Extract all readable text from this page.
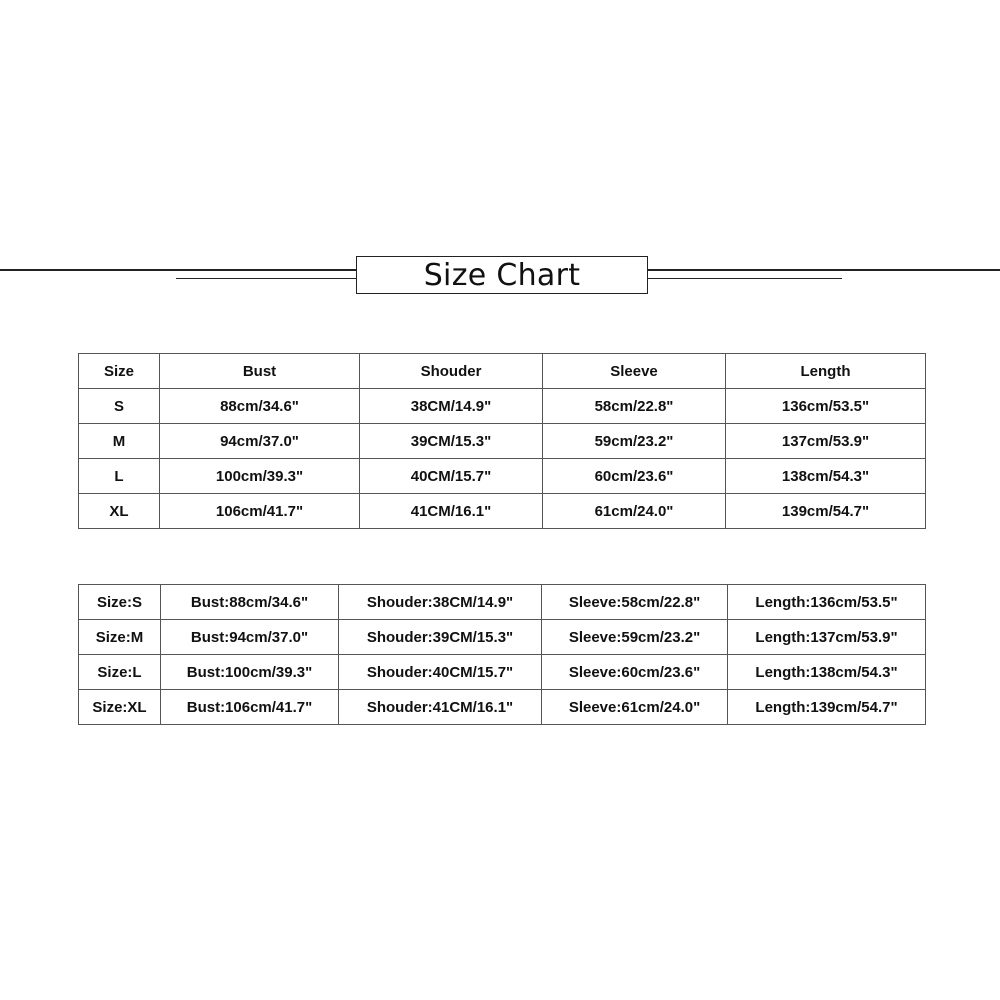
Size Chart
Size	Bust	Shouder	Sleeve	Length
S	88cm/34.6"	38CM/14.9"	58cm/22.8"	136cm/53.5"
M	94cm/37.0"	39CM/15.3"	59cm/23.2"	137cm/53.9"
L	100cm/39.3"	40CM/15.7"	60cm/23.6"	138cm/54.3"
XL	106cm/41.7"	41CM/16.1"	61cm/24.0"	139cm/54.7"
Size:S	Bust:88cm/34.6"	Shouder:38CM/14.9"	Sleeve:58cm/22.8"	Length:136cm/53.5"
Size:M	Bust:94cm/37.0"	Shouder:39CM/15.3"	Sleeve:59cm/23.2"	Length:137cm/53.9"
Size:L	Bust:100cm/39.3"	Shouder:40CM/15.7"	Sleeve:60cm/23.6"	Length:138cm/54.3"
Size:XL	Bust:106cm/41.7"	Shouder:41CM/16.1"	Sleeve:61cm/24.0"	Length:139cm/54.7"
